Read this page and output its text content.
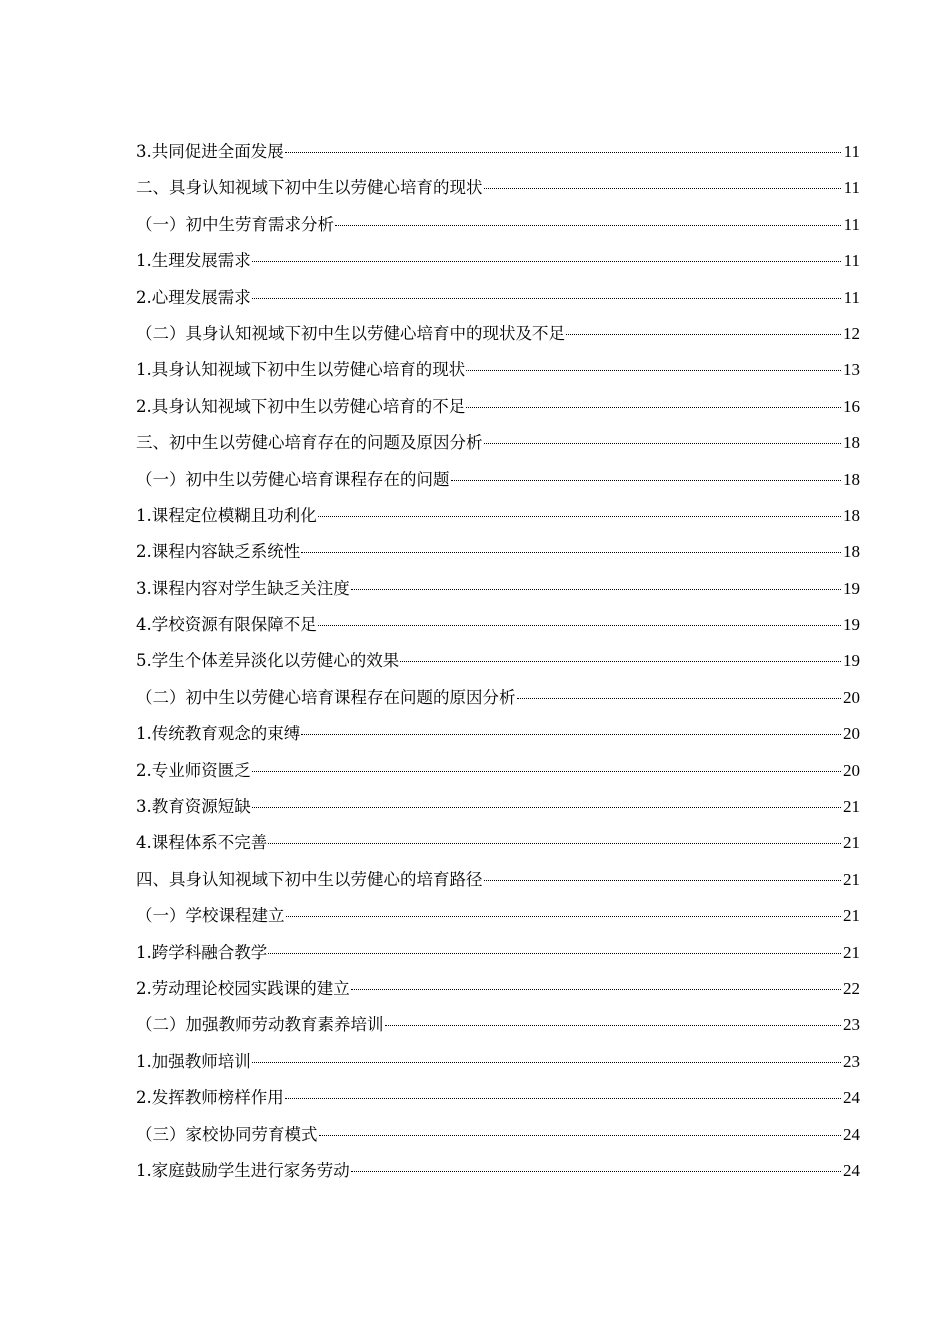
3.共同促进全面发展	11
二、具身认知视域下初中生以劳健心培育的现状	11
（一）初中生劳育需求分析	11
1.生理发展需求	11
2.心理发展需求	11
（二）具身认知视域下初中生以劳健心培育中的现状及不足	12
1.具身认知视域下初中生以劳健心培育的现状	13
2.具身认知视域下初中生以劳健心培育的不足	16
三、初中生以劳健心培育存在的问题及原因分析	18
（一）初中生以劳健心培育课程存在的问题	18
1.课程定位模糊且功利化	18
2.课程内容缺乏系统性	18
3.课程内容对学生缺乏关注度	19
4.学校资源有限保障不足	19
5.学生个体差异淡化以劳健心的效果	19
（二）初中生以劳健心培育课程存在问题的原因分析	20
1.传统教育观念的束缚	20
2.专业师资匮乏	20
3.教育资源短缺	21
4.课程体系不完善	21
四、具身认知视域下初中生以劳健心的培育路径	21
（一）学校课程建立	21
1.跨学科融合教学	21
2.劳动理论校园实践课的建立	22
（二）加强教师劳动教育素养培训	23
1.加强教师培训	23
2.发挥教师榜样作用	24
（三）家校协同劳育模式	24
1.家庭鼓励学生进行家务劳动	24
